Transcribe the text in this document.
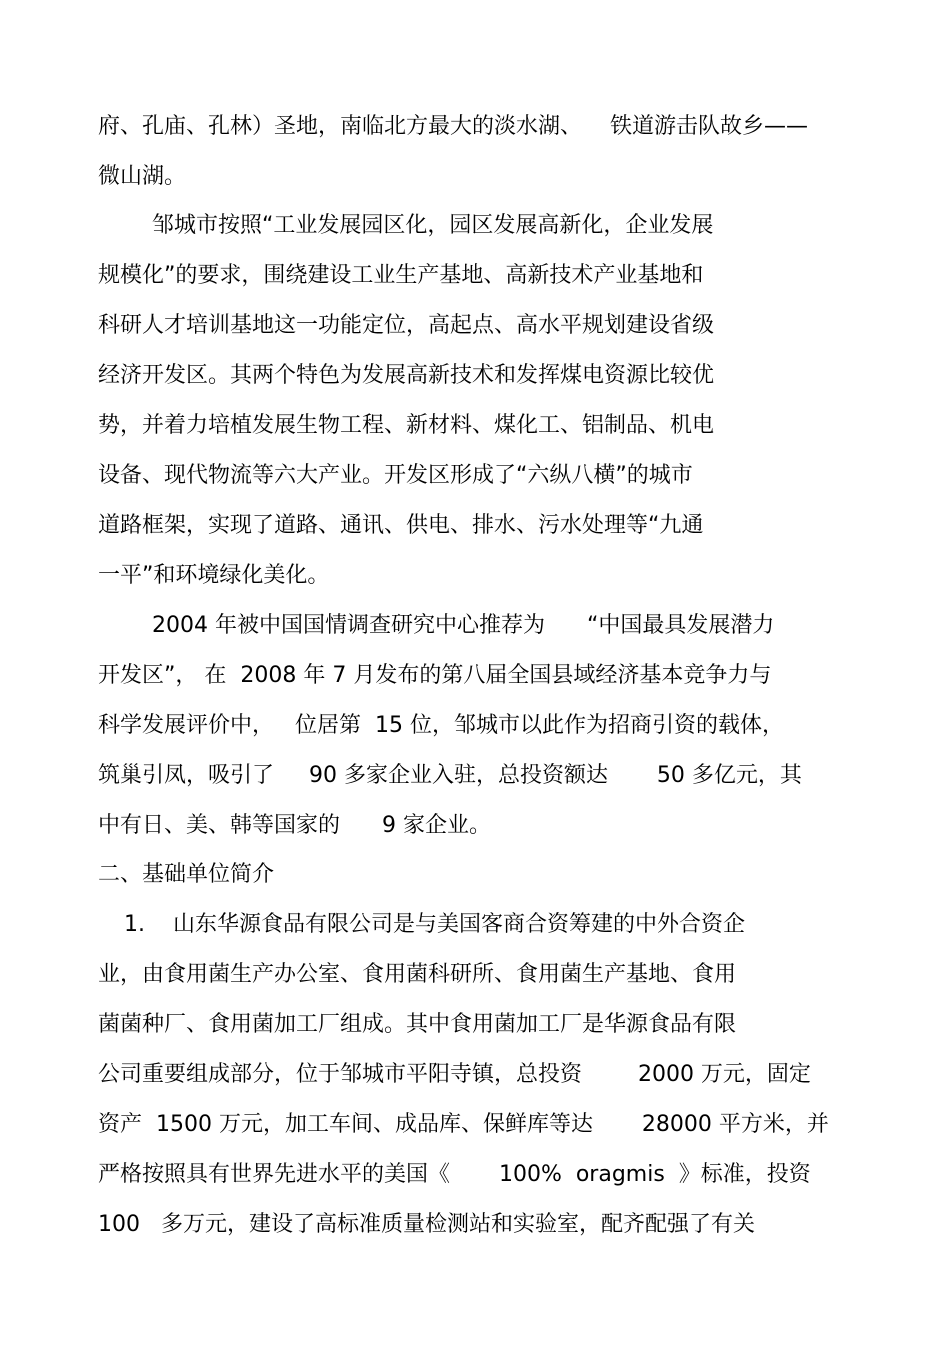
府、孔庙、孔林）圣地，南临北方最大的淡水湖、    铁道游击队故乡——
微山湖。
邹城市按照“工业发展园区化，园区发展高新化，企业发展
规模化”的要求，围绕建设工业生产基地、高新技术产业基地和
科研人才培训基地这一功能定位，高起点、高水平规划建设省级
经济开发区。其两个特色为发展高新技术和发挥煤电资源比较优
势，并着力培植发展生物工程、新材料、煤化工、铝制品、机电
设备、现代物流等六大产业。开发区形成了“六纵八横”的城市
道路框架，实现了道路、通讯、供电、排水、污水处理等“九通
一平”和环境绿化美化。
2004 年被中国国情调查研究中心推荐为      “中国最具发展潜力
开发区”， 在  2008 年 7 月发布的第八届全国县域经济基本竞争力与
科学发展评价中，   位居第  15 位，邹城市以此作为招商引资的载体，
筑巢引凤，吸引了     90 多家企业入驻，总投资额达       50 多亿元，其
中有日、美、韩等国家的      9 家企业。
二、基础单位简介
1.    山东华源食品有限公司是与美国客商合资筹建的中外合资企
业，由食用菌生产办公室、食用菌科研所、食用菌生产基地、食用
菌菌种厂、食用菌加工厂组成。其中食用菌加工厂是华源食品有限
公司重要组成部分，位于邹城市平阳寺镇，总投资        2000 万元，固定
资产  1500 万元，加工车间、成品库、保鲜库等达       28000 平方米，并
严格按照具有世界先进水平的美国《       100%  oragmis  》标准，投资
100   多万元，建设了高标准质量检测站和实验室，配齐配强了有关
